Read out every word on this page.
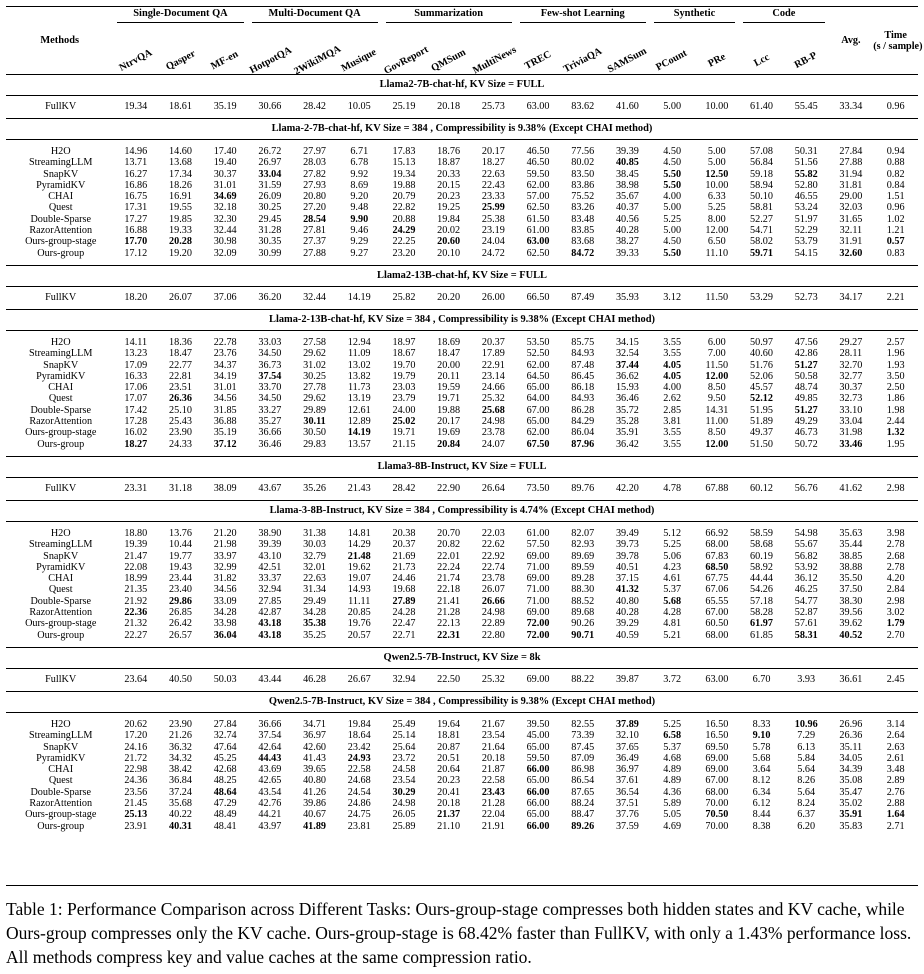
Methods	Single-Document QA			Multi-Document QA			Summarization			Few-shot Learning			Synthetic		Code		Avg.	Time
(s / sample)
	NtrvQA	Qasper	MF-en	HotpotQA	2WikiMQA	Musique	GovReport	QMSum	MultiNews	TREC	TriviaQA	SAMSum	PCount	PRe	Lcc	RB-P		
Llama2-7B-chat-hf, KV Size = FULL																		
FullKV	19.34	18.61	35.19	30.66	28.42	10.05	25.19	20.18	25.73	63.00	83.62	41.60	5.00	10.00	61.40	55.45	33.34	0.96
Llama-2-7B-chat-hf, KV Size = 384 , Compressibility is 9.38% (Except CHAI method)																		

H2O	14.96	14.60	17.40	26.72	27.97	6.71	17.83	18.76	20.17	46.50	77.56	39.39	4.50	5.00	57.08	50.31	27.84	0.94
StreamingLLM	13.71	13.68	19.40	26.97	28.03	6.78	15.13	18.87	18.27	46.50	80.02	40.85	4.50	5.00	56.84	51.56	27.88	0.88
SnapKV	16.27	17.34	30.37	33.04	27.82	9.92	19.34	20.33	22.63	59.50	83.50	38.45	5.50	12.50	59.18	55.82	31.94	0.82
PyramidKV	16.86	18.26	31.01	31.59	27.93	8.69	19.88	20.15	22.43	62.00	83.86	38.98	5.50	10.00	58.94	52.80	31.81	0.84
CHAI	16.75	16.91	34.69	26.09	20.80	9.20	20.79	20.23	23.33	57.00	75.52	35.67	4.00	6.33	50.10	46.55	29.00	1.51
Quest	17.31	19.55	32.18	30.25	27.20	9.48	22.82	19.25	25.99	62.50	83.26	40.37	5.00	5.25	58.81	53.24	32.03	0.96
Double-Sparse	17.27	19.85	32.30	29.45	28.54	9.90	20.88	19.84	25.38	61.50	83.48	40.56	5.25	8.00	52.27	51.97	31.65	1.02
RazorAttention	16.88	19.33	32.44	31.28	27.81	9.46	24.29	20.02	23.19	61.00	83.85	40.28	5.00	12.00	54.71	52.29	32.11	1.21
Ours-group-stage	17.70	20.28	30.98	30.35	27.37	9.29	22.25	20.60	24.04	63.00	83.68	38.27	4.50	6.50	58.02	53.79	31.91	0.57
Ours-group	17.12	19.20	32.09	30.99	27.88	9.27	23.20	20.10	24.72	62.50	84.72	39.33	5.50	11.10	59.71	54.15	32.60	0.83

Llama2-13B-chat-hf, KV Size = FULL																		
FullKV	18.20	26.07	37.06	36.20	32.44	14.19	25.82	20.20	26.00	66.50	87.49	35.93	3.12	11.50	53.29	52.73	34.17	2.21
Llama-2-13B-chat-hf, KV Size = 384 , Compressibility is 9.38% (Except CHAI method)																		

H2O	14.11	18.36	22.78	33.03	27.58	12.94	18.97	18.69	20.37	53.50	85.75	34.15	3.55	6.00	50.97	47.56	29.27	2.57
StreamingLLM	13.23	18.47	23.76	34.50	29.62	11.09	18.67	18.47	17.89	52.50	84.93	32.54	3.55	7.00	40.60	42.86	28.11	1.96
SnapKV	17.09	22.77	34.37	36.73	31.02	13.02	19.70	20.00	22.91	62.00	87.48	37.44	4.05	11.50	51.76	51.27	32.70	1.93
PyramidKV	16.33	22.81	34.19	37.54	30.25	13.82	19.79	20.11	23.14	64.50	86.45	36.62	4.05	12.00	52.06	50.58	32.77	3.50
CHAI	17.06	23.51	31.01	33.70	27.78	11.73	23.03	19.59	24.66	65.00	86.18	15.93	4.00	8.50	45.57	48.74	30.37	2.50
Quest	17.07	26.36	34.56	34.50	29.62	13.19	23.79	19.71	25.32	64.00	84.93	36.46	2.62	9.50	52.12	49.85	32.73	1.86
Double-Sparse	17.42	25.10	31.85	33.27	29.89	12.61	24.00	19.88	25.68	67.00	86.28	35.72	2.85	14.31	51.95	51.27	33.10	1.98
RazorAttention	17.28	25.43	36.88	35.27	30.11	12.89	25.02	20.17	24.98	65.00	84.29	35.28	3.81	11.00	51.89	49.29	33.04	2.44
Ours-group-stage	16.02	23.90	35.19	36.66	30.50	14.19	19.71	19.69	23.78	62.00	86.04	35.91	3.55	8.50	49.37	46.73	31.98	1.32
Ours-group	18.27	24.33	37.12	36.46	29.83	13.57	21.15	20.84	24.07	67.50	87.96	36.42	3.55	12.00	51.50	50.72	33.46	1.95

Llama3-8B-Instruct, KV Size = FULL																		
FullKV	23.31	31.18	38.09	43.67	35.26	21.43	28.42	22.90	26.64	73.50	89.76	42.20	4.78	67.88	60.12	56.76	41.62	2.98
Llama-3-8B-Instruct, KV Size = 384 , Compressibility is 4.74% (Except CHAI method)																		

H2O	18.80	13.76	21.20	38.90	31.38	14.81	20.38	20.70	22.03	61.00	82.07	39.49	5.12	66.92	58.59	54.98	35.63	3.98
StreamingLLM	19.39	10.44	21.98	39.39	30.03	14.29	20.37	20.82	22.62	57.50	82.93	39.73	5.25	68.00	58.68	55.67	35.44	2.78
SnapKV	21.47	19.77	33.97	43.10	32.79	21.48	21.69	22.01	22.92	69.00	89.69	39.78	5.06	67.83	60.19	56.82	38.85	2.68
PyramidKV	22.08	19.43	32.99	42.51	32.01	19.62	21.73	22.24	22.74	71.00	89.59	40.51	4.23	68.50	58.92	53.92	38.88	2.78
CHAI	18.99	23.44	31.82	33.37	22.63	19.07	24.46	21.74	23.78	69.00	89.28	37.15	4.61	67.75	44.44	36.12	35.50	4.20
Quest	21.35	23.40	34.56	32.94	31.34	14.93	19.68	22.18	26.07	71.00	88.30	41.32	5.37	67.06	54.26	46.25	37.50	2.84
Double-Sparse	21.92	29.86	33.09	27.85	29.49	11.11	27.89	21.41	26.66	71.00	88.52	40.80	5.68	65.55	57.18	54.77	38.30	2.98
RazorAttention	22.36	26.85	34.28	42.87	34.28	20.85	24.28	21.28	24.98	69.00	89.68	40.28	4.28	67.00	58.28	52.87	39.56	3.02
Ours-group-stage	21.32	26.42	33.98	43.18	35.38	19.76	22.47	22.13	22.89	72.00	90.26	39.29	4.81	60.50	61.97	57.61	39.62	1.79
Ours-group	22.27	26.57	36.04	43.18	35.25	20.57	22.71	22.31	22.80	72.00	90.71	40.59	5.21	68.00	61.85	58.31	40.52	2.70

Qwen2.5-7B-Instruct, KV Size = 8k																		
FullKV	23.64	40.50	50.03	43.44	46.28	26.67	32.94	22.50	25.32	69.00	88.22	39.87	3.72	63.00	6.70	3.93	36.61	2.45
Qwen2.5-7B-Instruct, KV Size = 384 , Compressibility is 9.38% (Except CHAI method)																		

H2O	20.62	23.90	27.84	36.66	34.71	19.84	25.49	19.64	21.67	39.50	82.55	37.89	5.25	16.50	8.33	10.96	26.96	3.14
StreamingLLM	17.20	21.26	32.74	37.54	36.97	18.64	25.14	18.81	23.54	45.00	73.39	32.10	6.58	16.50	9.10	7.29	26.36	2.64
SnapKV	24.16	36.32	47.64	42.64	42.60	23.42	25.64	20.87	21.64	65.00	87.45	37.65	5.37	69.50	5.78	6.13	35.11	2.63
PyramidKV	21.72	34.32	45.25	44.43	41.43	24.93	23.72	20.51	20.18	59.50	87.09	36.49	4.68	69.00	5.68	5.84	34.05	2.61
CHAI	22.98	38.42	42.68	43.69	39.65	22.58	24.58	20.64	21.87	66.00	86.98	36.97	4.89	69.00	3.64	5.64	34.39	3.48
Quest	24.36	36.84	48.25	42.65	40.80	24.68	23.54	20.23	22.58	65.00	86.54	37.61	4.89	67.00	8.12	8.26	35.08	2.89
Double-Sparse	23.56	37.24	48.64	43.54	41.26	24.54	30.29	20.41	23.43	66.00	87.65	36.54	4.36	68.00	6.34	5.64	35.47	2.76
RazorAttention	21.45	35.68	47.29	42.76	39.86	24.86	24.98	20.18	21.28	66.00	88.24	37.51	5.89	70.00	6.12	8.24	35.02	2.88
Ours-group-stage	25.13	40.22	48.49	44.21	40.67	24.75	26.05	21.37	22.04	65.00	88.47	37.76	5.05	70.50	8.44	6.37	35.91	1.64
Ours-group	23.91	40.31	48.41	43.97	41.89	23.81	25.89	21.10	21.91	66.00	89.26	37.59	4.69	70.00	8.38	6.20	35.83	2.71

Table 1: Performance Comparison across Different Tasks: Ours-group-stage compresses both hidden states and KV cache, while Ours-group compresses only the KV cache. Ours-group-stage is 68.42% faster than FullKV, with only a 1.43% performance loss. All methods compress key and value caches at the same compression ratio.
